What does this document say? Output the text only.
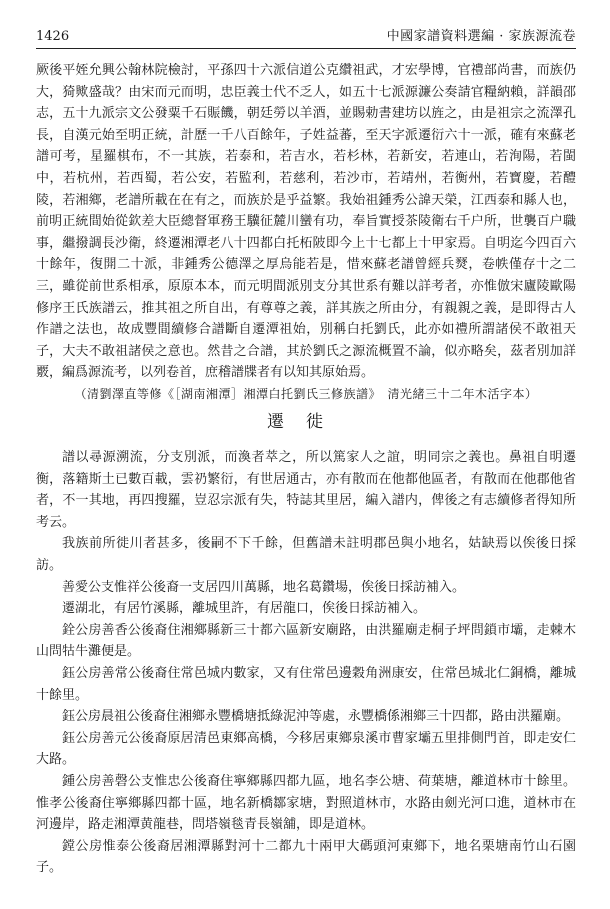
1426	中國家譜資料選編 · 家族源流卷

厥後平姪允興公翰林院檢討，平孫四十六派信道公克纘祖武，才宏學博，官禮部尚書，而族仍大，猗歟盛哉？由宋而元而明，忠臣義士代不乏人，如五十七派源濂公奏請官糧納賴，詳韻邵志，五十九派宗文公發粟千石賑饑，朝廷勞以羊酒，並賜勅書建坊以旌之，由是祖宗之流澤孔長，自漢元始至明正統，計歷一千八百餘年，子姓益蕃，至天字派遷衍六十一派，確有來蘇老譜可考，星羅棋布，不一其族，若泰和，若吉水，若杉林，若新安，若連山，若洵陽，若閩中，若杭州，若西蜀，若公安，若監利，若慈利，若沙市，若靖州，若衡州，若寶慶，若醴陵，若湘鄉，老譜所載在在有之，而族於是乎益繁。我始祖鍾秀公諱天榮，江西泰和縣人也，前明正統間始從欽差大臣總督軍務王驥征麓川蠻有功，奉旨實授茶陵衛右千户所，世襲百户職事，繼撥調長沙衛，終遷湘潭老八十四都白托柘陂即今上十七都上十甲家焉。自明迄今四百六十餘年，復開二十派，非鍾秀公德澤之厚烏能若是，惜來蘇老譜曾經兵燹，卷帙僅存十之二三，雖從前世系相承，原原本本，而元明間派別支分其世系有難以詳考者，亦惟倣宋廬陵歐陽修序王氏族譜云，推其祖之所自出，有尊尊之義，詳其族之所由分，有親親之義，是即得古人作譜之法也，故成豐間續修合譜斷自遷潭祖始，別稱白托劉氏，此亦如禮所謂諸侯不敢祖天子，大夫不敢祖諸侯之意也。然昔之合譜，其於劉氏之源流概置不論，似亦略矣，茲者別加詳覈，編爲源流考，以列卷首，庶稽譜牒者有以知其原始焉。

（清劉澤直等修《［湖南湘潭］湘潭白托劉氏三修族譜》　清光緒三十二年木活字本）

遷徙

譜以尋源溯流，分支別派，而渙者萃之，所以篤家人之誼，明同宗之義也。鼻祖自明遷衡，落籍斯土已數百載，雲礽繁衍，有世居通古，亦有散而在他都他區者，有散而在他郡他省者，不一其地，再四搜羅，豈忍宗派有失，特誌其里居，編入譜内，俾後之有志續修者得知所考云。

我族前所徙川者甚多，後嗣不下千餘，但舊譜未註明郡邑與小地名，姑缺焉以俟後日採訪。

善愛公支惟祥公後裔一支居四川萬縣，地名葛鑽場，俟後日採訪補入。

遷湖北，有居竹溪縣，離城里許，有居龍口，俟後日採訪補入。

銓公房善香公後裔住湘鄉縣新三十都六區新安廟路，由洪羅廟走桐子坪問鎖市壩，走棘木山問牯牛灘便是。

鈺公房善常公後裔住常邑城内數家，又有住常邑邊穀角洲康安，住常邑城北仁銅橋，離城十餘里。

鈺公房晨祖公後裔住湘鄉永豐橋塘抵綠泥沖等處，永豐橋係湘鄉三十四都，路由洪羅廟。

鈺公房善元公後裔原居清邑東鄉高橋，今移居東鄉泉溪市曹家壩五里排側門首，即走安仁大路。

鍾公房善磬公支惟忠公後裔住寧鄉縣四都九區，地名李公塘、荷葉塘，離道林市十餘里。惟孝公後裔住寧鄉縣四都十區，地名新橋鄒家塘，對照道林市，水路由劍光河口進，道林市在河邊岸，路走湘潭黄龍巷，問塔嶺毯青長嶺舖，即是道林。

鏜公房惟泰公後裔居湘潭縣對河十二都九十兩甲大碼頭河東鄉下，地名栗塘南竹山石園子。
